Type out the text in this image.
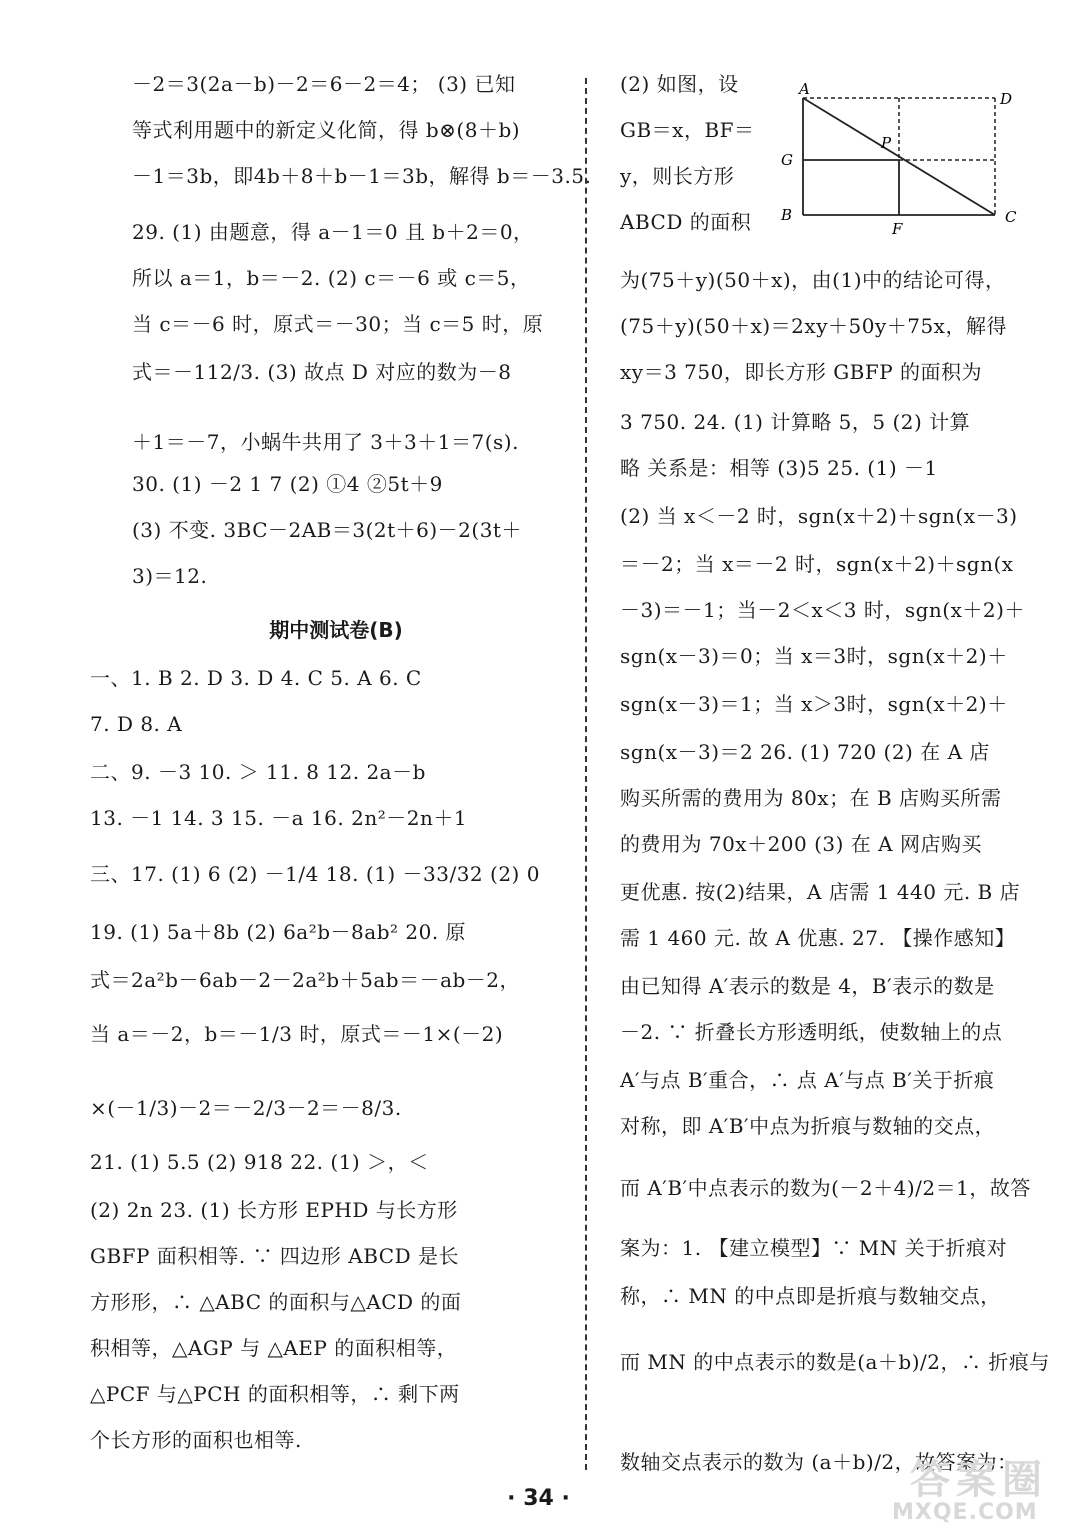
－2＝3(2a－b)－2＝6－2＝4； (3) 已知
等式利用题中的新定义化简，得 b⊗(8＋b)
－1＝3b，即4b＋8＋b－1＝3b，解得 b＝－3.5.
29. (1) 由题意，得 a－1＝0 且 b＋2＝0，
所以 a＝1，b＝－2. (2) c＝－6 或 c＝5，
当 c＝－6 时，原式＝－30；当 c＝5 时，原
式＝－112/3. (3) 故点 D 对应的数为－8
＋1＝－7，小蜗牛共用了 3＋3＋1＝7(s).
30. (1) －2 1 7 (2) ①4 ②5t＋9
(3) 不变. 3BC－2AB＝3(2t＋6)－2(3t＋
3)＝12.
期中测试卷(B)
一、1. B 2. D 3. D 4. C 5. A 6. C
7. D 8. A
二、9. －3 10. ＞ 11. 8 12. 2a－b
13. －1 14. 3 15. －a 16. 2n²－2n＋1
三、17. (1) 6 (2) －1/4 18. (1) －33/32 (2) 0
19. (1) 5a＋8b (2) 6a²b－8ab² 20. 原
式＝2a²b－6ab－2－2a²b＋5ab＝－ab－2，
当 a＝－2，b＝－1/3 时，原式＝－1×(－2)
×(－1/3)－2＝－2/3－2＝－8/3.
21. (1) 5.5 (2) 918 22. (1) ＞，＜
(2) 2n 23. (1) 长方形 EPHD 与长方形
GBFP 面积相等. ∵ 四边形 ABCD 是长
方形形，∴ △ABC 的面积与△ACD 的面
积相等，△AGP 与 △AEP 的面积相等，
△PCF 与△PCH 的面积相等，∴ 剩下两
个长方形的面积也相等.
(2) 如图，设
GB＝x，BF＝
y，则长方形
ABCD 的面积
为(75＋y)(50＋x)，由(1)中的结论可得，
(75＋y)(50＋x)＝2xy＋50y＋75x，解得
xy＝3 750，即长方形 GBFP 的面积为
3 750. 24. (1) 计算略 5，5 (2) 计算
略 关系是：相等 (3)5 25. (1) －1
(2) 当 x＜－2 时，sgn(x＋2)＋sgn(x－3)
＝－2；当 x＝－2 时，sgn(x＋2)＋sgn(x
－3)＝－1；当－2＜x＜3 时，sgn(x＋2)＋
sgn(x－3)＝0；当 x＝3时，sgn(x＋2)＋
sgn(x－3)＝1；当 x＞3时，sgn(x＋2)＋
sgn(x－3)＝2 26. (1) 720 (2) 在 A 店
购买所需的费用为 80x；在 B 店购买所需
的费用为 70x＋200 (3) 在 A 网店购买
更优惠. 按(2)结果，A 店需 1 440 元. B 店
需 1 460 元. 故 A 优惠. 27. 【操作感知】
由已知得 A′表示的数是 4，B′表示的数是
－2. ∵ 折叠长方形透明纸，使数轴上的点
A′与点 B′重合，∴ 点 A′与点 B′关于折痕
对称，即 A′B′中点为折痕与数轴的交点，
而 A′B′中点表示的数为(－2＋4)/2＝1，故答
案为：1. 【建立模型】∵ MN 关于折痕对
称，∴ MN 的中点即是折痕与数轴交点，
而 MN 的中点表示的数是(a＋b)/2，∴ 折痕与
数轴交点表示的数为 (a＋b)/2，故答案为：
A
D
G
P
B
F
C
· 34 ·	答案圈
MXQE.COM
